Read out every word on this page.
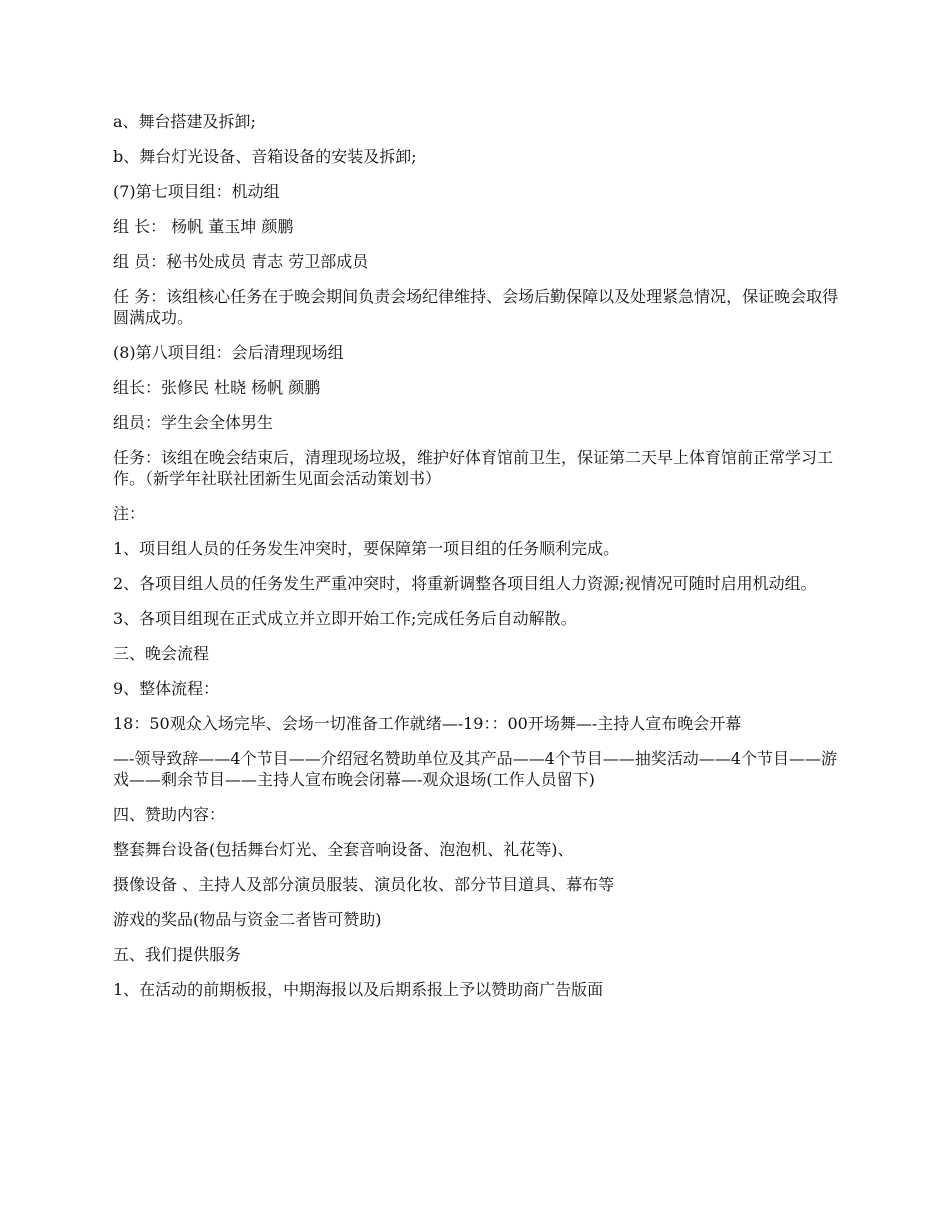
a、舞台搭建及拆卸;

b、舞台灯光设备、音箱设备的安装及拆卸;

(7)第七项目组：机动组

组 长： 杨帆 董玉坤 颜鹏

组 员：秘书处成员 青志 劳卫部成员

任 务：该组核心任务在于晚会期间负责会场纪律维持、会场后勤保障以及处理紧急情况，保证晚会取得圆满成功。

(8)第八项目组：会后清理现场组

组长：张修民 杜晓 杨帆 颜鹏

组员：学生会全体男生

任务：该组在晚会结束后，清理现场垃圾，维护好体育馆前卫生，保证第二天早上体育馆前正常学习工作。（新学年社联社团新生见面会活动策划书）

注：

1、项目组人员的任务发生冲突时，要保障第一项目组的任务顺利完成。

2、各项目组人员的任务发生严重冲突时，将重新调整各项目组人力资源;视情况可随时启用机动组。

3、各项目组现在正式成立并立即开始工作;完成任务后自动解散。

三、晚会流程

9、整体流程：

18：50观众入场完毕、会场一切准备工作就绪—-19：：00开场舞—-主持人宣布晚会开幕

—-领导致辞——4个节目——介绍冠名赞助单位及其产品——4个节目——抽奖活动——4个节目——游戏——剩余节目——主持人宣布晚会闭幕—-观众退场(工作人员留下)

四、赞助内容：

整套舞台设备(包括舞台灯光、全套音响设备、泡泡机、礼花等)、

摄像设备 、主持人及部分演员服装、演员化妆、部分节目道具、幕布等

游戏的奖品(物品与资金二者皆可赞助)

五、我们提供服务

1、在活动的前期板报，中期海报以及后期系报上予以赞助商广告版面
